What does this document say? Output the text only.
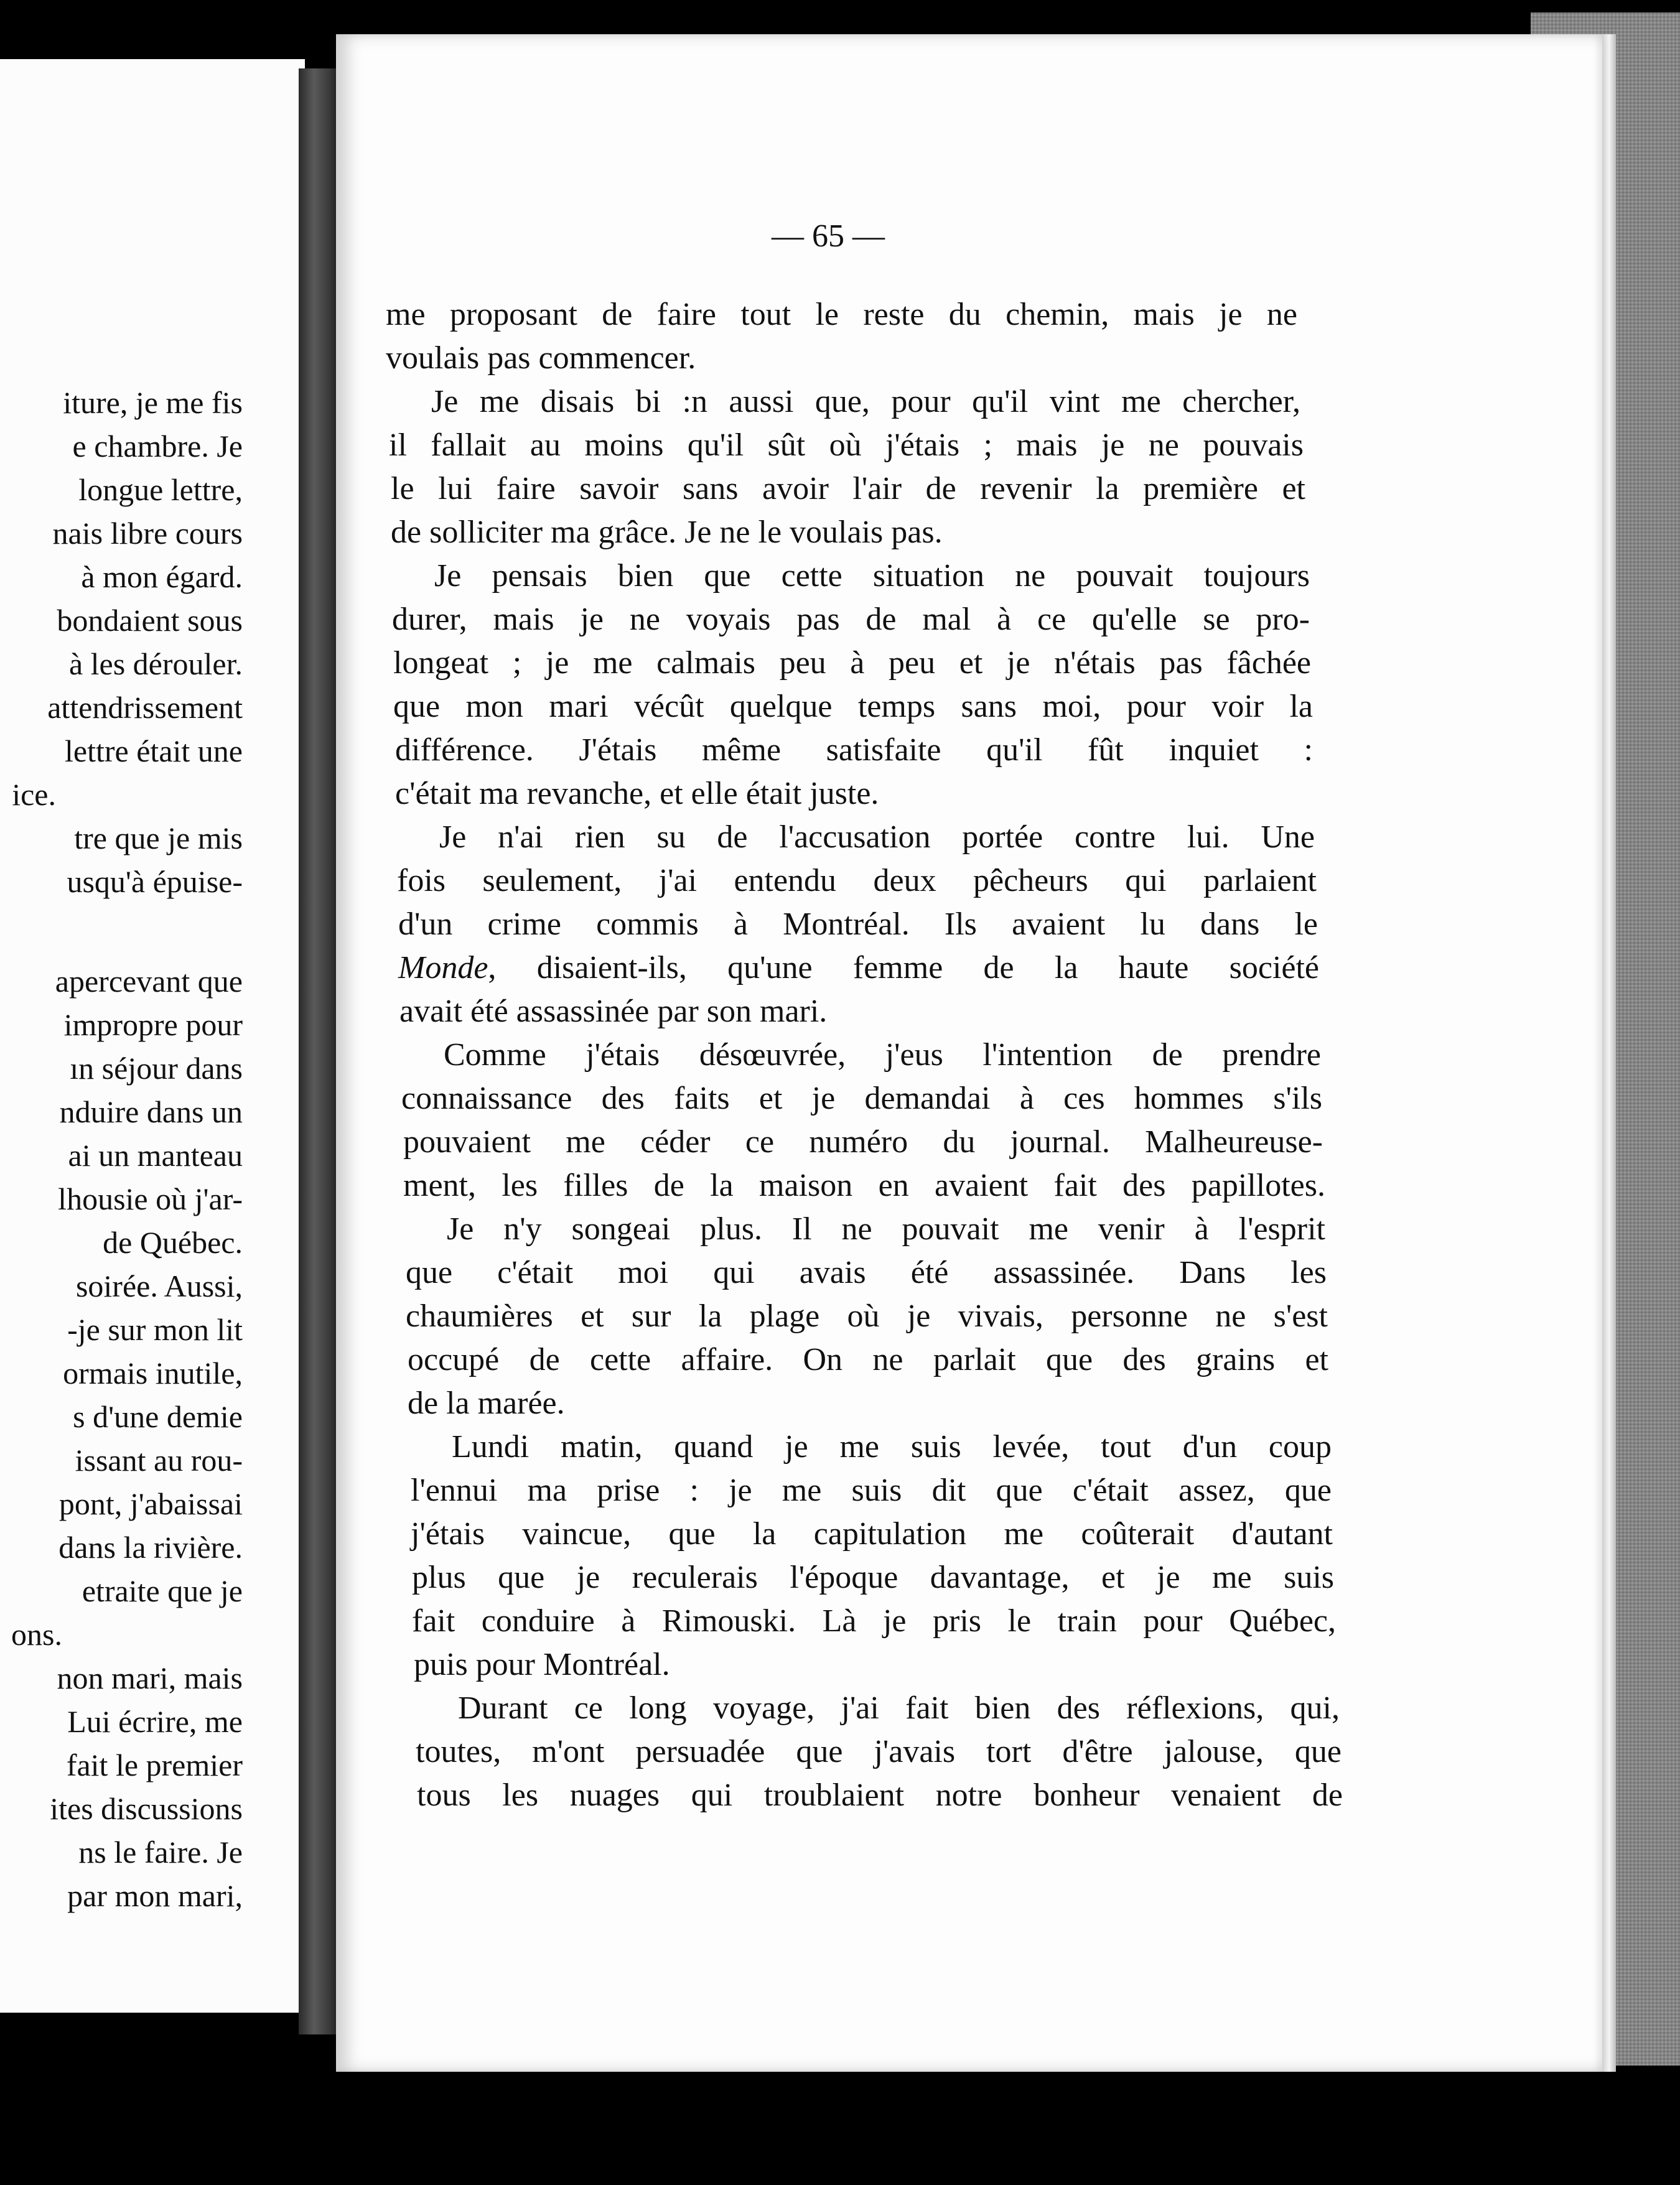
iture, je me fis
e chambre. Je
longue lettre,
nais libre cours
à mon égard.
bondaient sous
à les dérouler.
attendrissement
lettre était une
ice.
tre que je mis
usqu'à épuise-
apercevant que
impropre pour
ın séjour dans
nduire dans un
ai un manteau
lhousie où j'ar-
de Québec.
soirée. Aussi,
-je sur mon lit
ormais inutile,
s d'une demie
issant au rou-
pont, j'abaissai
dans la rivière.
etraite que je
ons.
non mari, mais
Lui écrire, me
fait le premier
ites discussions
ns le faire. Je
par mon mari,
— 65 —
me proposant de faire tout le reste du chemin, mais je ne
voulais pas commencer.
Je me disais bi :n aussi que, pour qu'il vint me chercher,
il fallait au moins qu'il sût où j'étais ; mais je ne pouvais
le lui faire savoir sans avoir l'air de revenir la première et
de solliciter ma grâce. Je ne le voulais pas.
Je pensais bien que cette situation ne pouvait toujours
durer, mais je ne voyais pas de mal à ce qu'elle se pro-
longeat ; je me calmais peu à peu et je n'étais pas fâchée
que mon mari vécût quelque temps sans moi, pour voir la
différence. J'étais même satisfaite qu'il fût inquiet :
c'était ma revanche, et elle était juste.
Je n'ai rien su de l'accusation portée contre lui. Une
fois seulement, j'ai entendu deux pêcheurs qui parlaient
d'un crime commis à Montréal. Ils avaient lu dans le
Monde, disaient-ils, qu'une femme de la haute société
avait été assassinée par son mari.
Comme j'étais désœuvrée, j'eus l'intention de prendre
connaissance des faits et je demandai à ces hommes s'ils
pouvaient me céder ce numéro du journal. Malheureuse-
ment, les filles de la maison en avaient fait des papillotes.
Je n'y songeai plus. Il ne pouvait me venir à l'esprit
que c'était moi qui avais été assassinée. Dans les
chaumières et sur la plage où je vivais, personne ne s'est
occupé de cette affaire. On ne parlait que des grains et
de la marée.
Lundi matin, quand je me suis levée, tout d'un coup
l'ennui ma prise : je me suis dit que c'était assez, que
j'étais vaincue, que la capitulation me coûterait d'autant
plus que je reculerais l'époque davantage, et je me suis
fait conduire à Rimouski. Là je pris le train pour Québec,
puis pour Montréal.
Durant ce long voyage, j'ai fait bien des réflexions, qui,
toutes, m'ont persuadée que j'avais tort d'être jalouse, que
tous les nuages qui troublaient notre bonheur venaient de
